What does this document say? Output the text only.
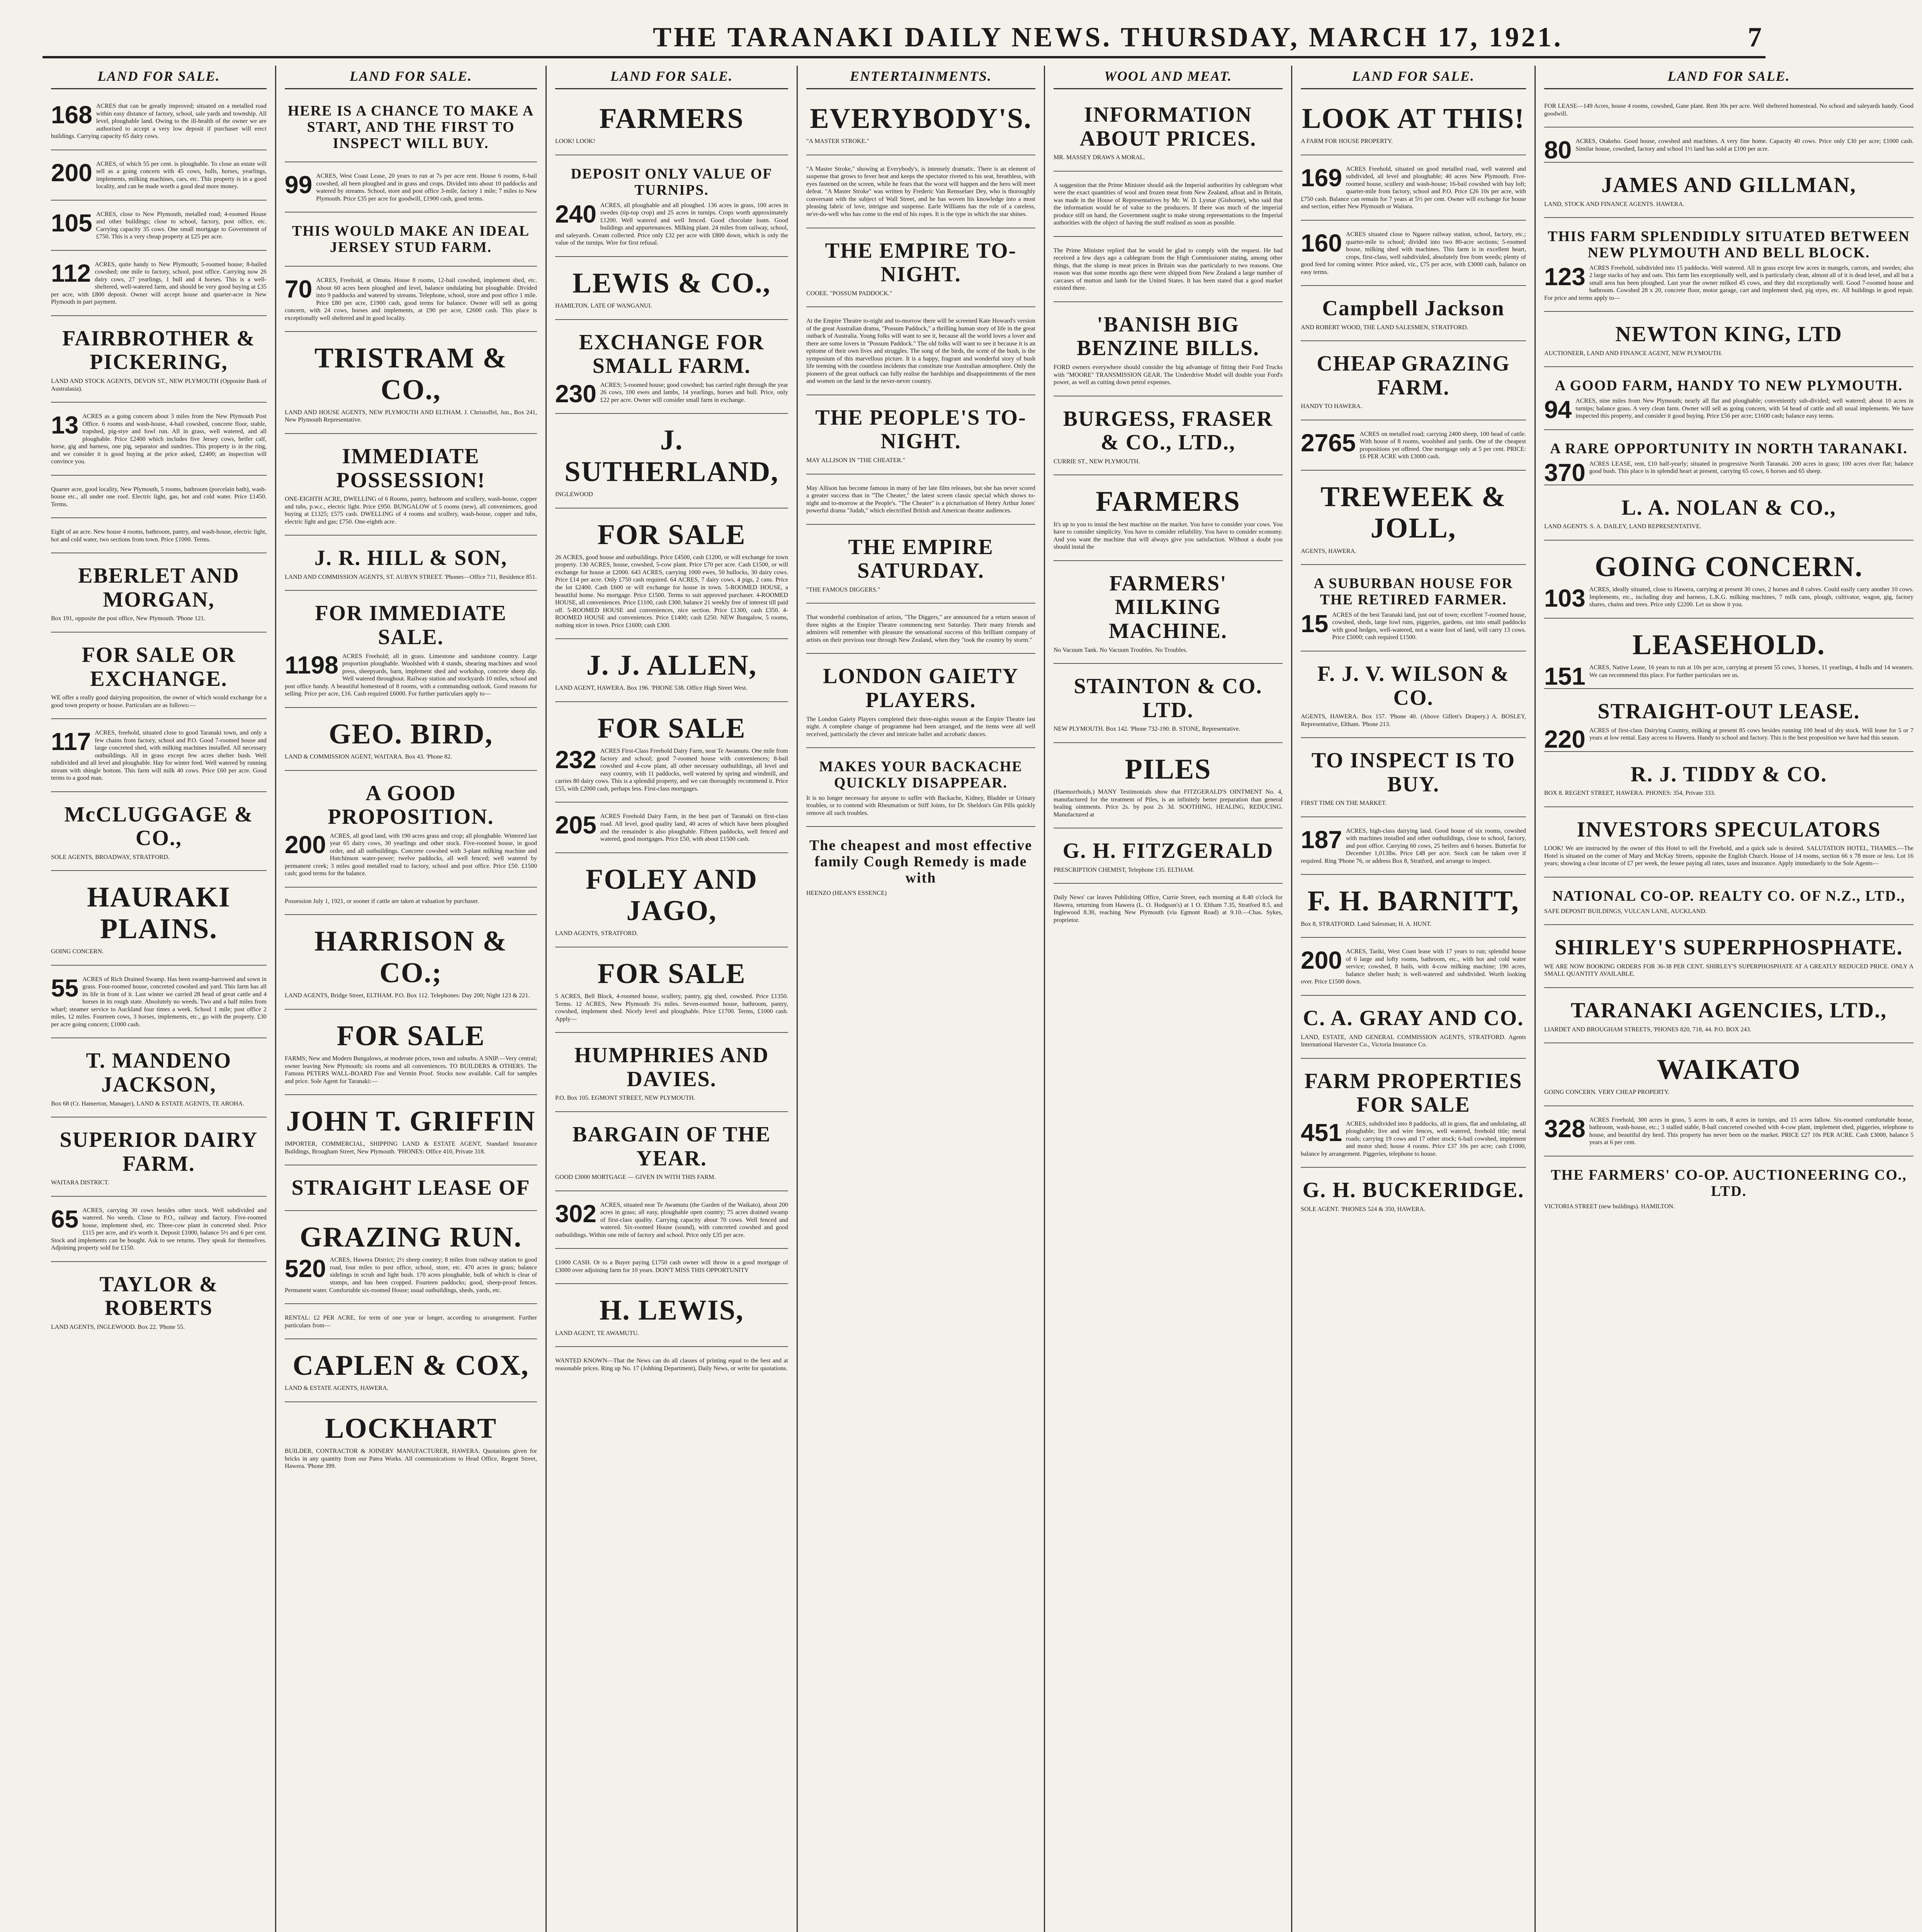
THE TARANAKI DAILY NEWS. THURSDAY, MARCH 17, 1921.	7
LAND FOR SALE.
168 ACRES that can be greatly improved; situated on a metalled road within easy distance of factory, school, sale yards and township. All level, ploughable land. Owing to the ill-health of the owner we are authorised to accept a very low deposit if purchaser will erect buildings. Carrying capacity 65 dairy cows.
200 ACRES, of which 55 per cent. is ploughable. To close an estate will sell as a going concern with 45 cows, bulls, horses, yearlings, implements, milking machines, cars, etc. This property is in a good locality, and can be made worth a good deal more money.
105 ACRES, close to New Plymouth, metalled road; 4-roomed House and other buildings; close to school, factory, post office, etc. Carrying capacity 35 cows. One small mortgage to Government of £750. This is a very cheap property at £25 per acre.
112 ACRES, quite handy to New Plymouth; 5-roomed house; 8-bailed cowshed; one mile to factory, school, post office. Carrying now 26 dairy cows, 27 yearlings, 1 bull and 4 horses. This is a well-sheltered, well-watered farm, and should be very good buying at £35 per acre, with £800 deposit. Owner will accept house and quarter-acre in New Plymouth in part payment.
FAIRBROTHER & PICKERING,
LAND AND STOCK AGENTS, DEVON ST., NEW PLYMOUTH (Opposite Bank of Australasia).
13 ACRES as a going concern about 3 miles from the New Plymouth Post Office. 6 rooms and wash-house, 4-bail cowshed, concrete floor, stable, trapshed, pig-stye and fowl run. All in grass, well watered, and all ploughable. Price £2400 which includes five Jersey cows, heifer calf, horse, gig and harness, one pig, separator and sundries. This property is in the ring, and we consider it is good buying at the price asked, £2400; an inspection will convince you.
Quarter acre, good locality, New Plymouth, 5 rooms, bathroom (porcelain bath), wash-house etc., all under one roof. Electric light, gas, hot and cold water. Price £1450. Terms.
Eight of an acre. New house 4 rooms, bathroom, pantry, and wash-house, electric light, hot and cold water, two sections from town. Price £1000. Terms.
EBERLET AND MORGAN,
Box 191, opposite the post office, New Plymouth. 'Phone 121.
FOR SALE OR EXCHANGE.
WE offer a really good dairying proposition, the owner of which would exchange for a good town property or house. Particulars are as follows:—
117 ACRES, freehold, situated close to good Taranaki town, and only a few chains from factory, school and P.O. Good 7-roomed house and large concreted shed, with milking machines installed. All necessary outbuildings. All in grass except few acres shelter bush. Well subdivided and all level and ploughable. Hay for winter feed. Well watered by running stream with shingle bottom. This farm will milk 40 cows. Price £60 per acre. Good terms to a good man.
McCLUGGAGE & CO.,
SOLE AGENTS, BROADWAY, STRATFORD.
HAURAKI PLAINS.
GOING CONCERN.
55 ACRES of Rich Drained Swamp. Has been swamp-harrowed and sown in grass. Four-roomed house, concreted cowshed and yard. This farm has all its life in front of it. Last winter we carried 28 head of great cattle and 4 horses in its rough state. Absolutely no weeds. Two and a half miles from wharf; steamer service to Auckland four times a week. School 1 mile; post office 2 miles, 12 miles. Fourteen cows, 3 horses, implements, etc., go with the property. £30 per acre going concern; £1000 cash.
T. MANDENO JACKSON,
Box 68 (Cr. Hamerton, Manager), LAND & ESTATE AGENTS, TE AROHA.
SUPERIOR DAIRY FARM.
WAITARA DISTRICT.
65 ACRES, carrying 30 cows besides other stock. Well subdivided and watered. No weeds. Close to P.O., railway and factory. Five-roomed house, implement shed, etc. Three-cow plant in concreted shed. Price £115 per acre, and it's worth it. Deposit £1000, balance 5½ and 6 per cent. Stock and implements can be bought. Ask to see returns. They speak for themselves. Adjoining property sold for £150.
TAYLOR & ROBERTS
LAND AGENTS, INGLEWOOD. Box 22. 'Phone 55.
LAND FOR SALE.
HERE IS A CHANCE TO MAKE A START, AND THE FIRST TO INSPECT WILL BUY.
99 ACRES, West Coast Lease, 20 years to run at 7s per acre rent. House 6 rooms, 6-bail cowshed, all been ploughed and in grass and crops. Divided into about 10 paddocks and watered by streams. School, store and post office 3-mile, factory 1 mile; 7 miles to New Plymouth. Price £35 per acre for goodwill, £1900 cash, good terms.
THIS WOULD MAKE AN IDEAL JERSEY STUD FARM.
70 ACRES, Freehold, at Omata. House 8 rooms, 12-bail cowshed, implement shed, etc. About 60 acres been ploughed and level, balance undulating but ploughable. Divided into 9 paddocks and watered by streams. Telephone, school, store and post office 1 mile. Price £80 per acre, £1900 cash, good terms for balance. Owner will sell as going concern, with 24 cows, horses and implements, at £90 per acre, £2600 cash. This place is exceptionally well sheltered and in good locality.
TRISTRAM & CO.,
LAND AND HOUSE AGENTS, NEW PLYMOUTH AND ELTHAM. J. Christoffel, Jun., Box 241, New Plymouth Representative.
IMMEDIATE POSSESSION!
ONE-EIGHTH ACRE, DWELLING of 6 Rooms, pantry, bathroom and scullery, wash-house, copper and tubs, p.w.c., electric light. Price £950. BUNGALOW of 5 rooms (new), all conveniences, good buying at £1325; £575 cash. DWELLING of 4 rooms and scullery, wash-house, copper and tubs, electric light and gas; £750. One-eighth acre.
J. R. HILL & SON,
LAND AND COMMISSION AGENTS, ST. AUBYN STREET. 'Phones—Office 711, Residence 851.
FOR IMMEDIATE SALE.
1198 ACRES Freehold; all in grass. Limestone and sandstone country. Large proportion ploughable. Woolshed with 4 stands, shearing machines and wool press, sheepyards, barn, implement shed and workshop, concrete sheep dip. Well watered throughout. Railway station and stockyards 10 miles, school and post office handy. A beautiful homestead of 8 rooms, with a commanding outlook. Good reasons for selling. Price per acre, £16. Cash required £6000. For further particulars apply to—
GEO. BIRD,
LAND & COMMISSION AGENT, WAITARA. Box 43. 'Phone 82.
A GOOD PROPOSITION.
200 ACRES, all good land, with 190 acres grass and crop; all ploughable. Wintered last year 65 dairy cows, 30 yearlings and other stock. Five-roomed house, in good order, and all outbuildings. Concrete cowshed with 3-plant milking machine and Hutchinson water-power; twelve paddocks, all well fenced; well watered by permanent creek; 3 miles good metalled road to factory, school and post office. Price £50. £1500 cash; good terms for the balance.
Possession July 1, 1921, or sooner if cattle are taken at valuation by purchaser.
HARRISON & CO.;
LAND AGENTS, Bridge Street, ELTHAM. P.O. Box 112. Telephones: Day 200; Night 123 & 221.
FOR SALE
FARMS; New and Modern Bungalows, at moderate prices, town and suburbs. A SNIP.—Very central; owner leaving New Plymouth; six rooms and all conveniences. TO BUILDERS & OTHERS. The Famous PETERS WALL-BOARD Fire and Vermin Proof. Stocks now available. Call for samples and price. Sole Agent for Taranaki:—
JOHN T. GRIFFIN
IMPORTER, COMMERCIAL, SHIPPING LAND & ESTATE AGENT, Standard Insurance Buildings, Brougham Street, New Plymouth. 'PHONES: Office 410, Private 318.
STRAIGHT LEASE OF
GRAZING RUN.
520 ACRES, Hawera District; 2½ sheep country; 8 miles from railway station to good road, four miles to post office, school, store, etc. 470 acres in grass; balance sidelings in scrub and light bush. 170 acres ploughable, bulk of which is clear of stumps, and has been cropped. Fourteen paddocks; good, sheep-proof fences. Permanent water. Comfortable six-roomed House; usual outbuildings, sheds, yards, etc.
RENTAL: £2 PER ACRE, for term of one year or longer, according to arrangement. Further particulars from—
CAPLEN & COX,
LAND & ESTATE AGENTS, HAWERA.
LOCKHART
BUILDER, CONTRACTOR & JOINERY MANUFACTURER, HAWERA. Quotations given for bricks in any quantity from our Patea Works. All communications to Head Office, Regent Street, Hawera. 'Phone 399.
LAND FOR SALE.
FARMERS
LOOK! LOOK!
DEPOSIT ONLY VALUE OF TURNIPS.
240 ACRES, all ploughable and all ploughed. 136 acres in grass, 100 acres in swedes (tip-top crop) and 25 acres in turnips. Crops worth approximately £1200. Well watered and well fenced. Good chocolate loam. Good buildings and appurtenances. Milking plant. 24 miles from railway, school, and saleyards. Cream collected. Price only £32 per acre with £800 down, which is only the value of the turnips. Wire for first refusal.
LEWIS & CO.,
HAMILTON. LATE OF WANGANUI.
EXCHANGE FOR SMALL FARM.
230 ACRES; 5-roomed house; good cowshed; has carried right through the year 26 cows, 100 ewes and lambs, 14 yearlings, horses and bull. Price, only £22 per acre. Owner will consider small farm in exchange.
J. SUTHERLAND,
INGLEWOOD
FOR SALE
26 ACRES, good house and outbuildings. Price £4500, cash £1200, or will exchange for town property. 130 ACRES, house, cowshed, 5-cow plant. Price £70 per acre. Cash £1500, or will exchange for house at £2000. 643 ACRES, carrying 1000 ewes, 50 bullocks, 30 dairy cows. Price £14 per acre. Only £750 cash required. 64 ACRES, 7 dairy cows, 4 pigs, 2 cans. Price the lot £2400. Cash £600 or will exchange for house in town. 5-ROOMED HOUSE, a beautiful home. No mortgage. Price £1500. Terms to suit approved purchaser. 4-ROOMED HOUSE, all conveniences. Price £1100, cash £300, balance 21 weekly free of interest till paid off. 5-ROOMED HOUSE and conveniences, nice section. Price £1300, cash £350. 4-ROOMED HOUSE and conveniences. Price £1400; cash £250. NEW Bungalow, 5 rooms, nothing nicer in town. Price £1600; cash £300.
J. J. ALLEN,
LAND AGENT, HAWERA. Box 196. 'PHONE 538. Office High Street West.
FOR SALE
232 ACRES First-Class Freehold Dairy Farm, near Te Awamutu. One mile from factory and school; good 7-roomed house with conveniences; 8-bail cowshed and 4-cow plant, all other necessary outbuildings, all level and easy country, with 11 paddocks, well watered by spring and windmill, and carries 80 dairy cows. This is a splendid property, and we can thoroughly recommend it. Price £55, with £2000 cash, perhaps less. First-class mortgages.
205 ACRES Freehold Dairy Farm, in the best part of Taranaki on first-class road. All level, good quality land, 40 acres of which have been ploughed and the remainder is also ploughable. Fifteen paddocks, well fenced and watered, good mortgages. Price £50, with about £1500 cash.
FOLEY AND JAGO,
LAND AGENTS, STRATFORD.
FOR SALE
5 ACRES, Bell Block, 4-roomed house, scullery, pantry, gig shed, cowshed. Price £1350. Terms. 12 ACRES, New Plymouth 3¼ miles. Seven-roomed house, bathroom, pantry, cowshed, implement shed. Nicely level and ploughable. Price £1700. Terms, £1000 cash. Apply—
HUMPHRIES AND DAVIES.
P.O. Box 105. EGMONT STREET, NEW PLYMOUTH.
BARGAIN OF THE YEAR.
GOOD £3000 MORTGAGE — GIVEN IN WITH THIS FARM.
302 ACRES, situated near Te Awamutu (the Garden of the Waikato), about 200 acres in grass; all easy, ploughable open country; 75 acres drained swamp of first-class quality. Carrying capacity about 70 cows. Well fenced and watered. Six-roomed House (sound), with concreted cowshed and good outbuildings. Within one mile of factory and school. Price only £35 per acre.
£1000 CASH. Or to a Buyer paying £1750 cash owner will throw in a good mortgage of £3000 over adjoining farm for 10 years. DON'T MISS THIS OPPORTUNITY
H. LEWIS,
LAND AGENT, TE AWAMUTU.
WANTED KNOWN—That the News can do all classes of printing equal to the best and at reasonable prices. Ring up No. 17 (Jobbing Department), Daily News, or write for quotations.
ENTERTAINMENTS.
EVERYBODY'S.
"A MASTER STROKE."
"A Master Stroke," showing at Everybody's, is intensely dramatic. There is an element of suspense that grows to fever heat and keeps the spectator riveted to his seat, breathless, with eyes fastened on the screen, while he fears that the worst will happen and the hero will meet defeat. "A Master Stroke" was written by Frederic Van Rensselaer Dey, who is thoroughly conversant with the subject of Wall Street, and he has woven his knowledge into a most pleasing fabric of love, intrigue and suspense. Earle Williams has the role of a careless, ne'er-do-well who has come to the end of his ropes. It is the type in which the star shines.
THE EMPIRE TO-NIGHT.
COOEE. "POSSUM PADDOCK."
At the Empire Theatre to-night and to-morrow there will be screened Kate Howard's version of the great Australian drama, "Possum Paddock," a thrilling human story of life in the great outback of Australia. Young folks will want to see it, because all the world loves a lover and there are some lovers in "Possum Paddock." The old folks will want to see it because it is an epitome of their own lives and struggles. The song of the birds, the scent of the bush, is the symposium of this marvellous picture. It is a happy, fragrant and wonderful story of bush life teeming with the countless incidents that constitute true Australian atmosphere. Only the pioneers of the great outback can fully realise the hardships and disappointments of the men and women on the land in the never-never country.
THE PEOPLE'S TO-NIGHT.
MAY ALLISON IN "THE CHEATER."
May Allison has become famous in many of her late film releases, but she has never scored a greater success than in "The Cheater," the latest screen classic special which shows to-night and to-morrow at the People's. "The Cheater" is a picturisation of Henry Arthur Jones' powerful drama "Judah," which electrified British and American theatre audiences.
THE EMPIRE SATURDAY.
"THE FAMOUS DIGGERS."
That wonderful combination of artists, "The Diggers," are announced for a return season of three nights at the Empire Theatre commencing next Saturday. Their many friends and admirers will remember with pleasure the sensational success of this brilliant company of artists on their previous tour through New Zealand, when they "took the country by storm."
LONDON GAIETY PLAYERS.
The London Gaiety Players completed their three-nights season at the Empire Theatre last night. A complete change of programme had been arranged, and the items were all well received, particularly the clever and intricate ballet and acrobatic dances.
MAKES YOUR BACKACHE QUICKLY DISAPPEAR.
It is no longer necessary for anyone to suffer with Backache, Kidney, Bladder or Urinary troubles, or to contend with Rheumatism or Stiff Joints, for Dr. Sheldon's Gin Pills quickly remove all such troubles.
The cheapest and most effective family Cough Remedy is made with
HEENZO (HEAN'S ESSENCE)
WOOL AND MEAT.
INFORMATION ABOUT PRICES.
MR. MASSEY DRAWS A MORAL.
A suggestion that the Prime Minister should ask the Imperial authorities by cablegram what were the exact quantities of wool and frozen meat from New Zealand, afloat and in Britain, was made in the House of Representatives by Mr. W. D. Lysnar (Gisborne), who said that the information would be of value to the producers. If there was much of the imperial produce still on hand, the Government ought to make strong representations to the Imperial authorities with the object of having the stuff realised as soon as possible.
The Prime Minister replied that he would be glad to comply with the request. He had received a few days ago a cablegram from the High Commissioner stating, among other things, that the slump in meat prices in Britain was due particularly to two reasons. One reason was that some months ago there were shipped from New Zealand a large number of carcases of mutton and lamb for the United States. It has been stated that a good market existed there.
'BANISH BIG BENZINE BILLS.
FORD owners everywhere should consider the big advantage of fitting their Ford Trucks with "MOORE" TRANSMISSION GEAR. The Underdrive Model will double your Ford's power, as well as cutting down petrol expenses.
BURGESS, FRASER & CO., LTD.,
CURRIE ST., NEW PLYMOUTH.
FARMERS
It's up to you to instal the best machine on the market. You have to consider your cows. You have to consider simplicity. You have to consider reliability. You have to consider economy. And you want the machine that will always give you satisfaction. Without a doubt you should instal the
FARMERS' MILKING MACHINE.
No Vacuum Tank. No Vacuum Troubles. No Troubles.
STAINTON & CO. LTD.
NEW PLYMOUTH. Box 142. 'Phone 732-190. B. STONE, Representative.
PILES
(Haemorrhoids.) MANY Testimonials show that FITZGERALD'S OINTMENT No. 4, manufactured for the treatment of Piles, is an infinitely better preparation than general healing ointments. Price 2s. by post 2s 3d. SOOTHING, HEALING, REDUCING. Manufactured at
G. H. FITZGERALD
PRESCRIPTION CHEMIST, Telephone 135. ELTHAM.
Daily News' car leaves Publishing Office, Currie Street, each morning at 8.40 o'clock for Hawera, returning from Hawera (L. O. Hodgson's) at 1 O. Eltham 7.35, Stratford 8.5, and Inglewood 8.30, reaching New Plymouth (via Egmont Road) at 9.10.—Chas. Sykes, proprietor.
LAND FOR SALE.
LOOK AT THIS!
A FARM FOR HOUSE PROPERTY.
169 ACRES Freehold, situated on good metalled road, well watered and subdivided, all level and ploughable; 40 acres New Plymouth. Five-roomed house, scullery and wash-house; 16-bail cowshed with bay loft; quarter-mile from factory, school and P.O. Price £26 10s per acre, with £750 cash. Balance can remain for 7 years at 5½ per cent. Owner will exchange for house and section, either New Plymouth or Waitara.
160 ACRES situated close to Ngaere railway station, school, factory, etc.; quarter-mile to school; divided into two 80-acre sections; 5-roomed house, milking shed with machines. This farm is in excellent heart, crops, first-class, well subdivided, absolutely free from weeds; plenty of good feed for coming winter. Price asked, viz., £75 per acre, with £3000 cash, balance on easy terms.
Campbell Jackson
AND ROBERT WOOD, THE LAND SALESMEN, STRATFORD.
CHEAP GRAZING FARM.
HANDY TO HAWERA.
2765 ACRES on metalled road; carrying 2400 sheep, 100 head of cattle. With house of 8 rooms, woolshed and yards. One of the cheapest propositions yet offered. One mortgage only at 5 per cent. PRICE: £6 PER ACRE with £3000 cash.
TREWEEK & JOLL,
AGENTS, HAWERA.
A SUBURBAN HOUSE FOR THE RETIRED FARMER.
15 ACRES of the best Taranaki land, just out of town; excellent 7-roomed house, cowshed, sheds, large fowl runs, piggeries, gardens, out into small paddocks with good hedges, well-watered, not a waste foot of land, will carry 13 cows. Price £5000; cash required £1500.
F. J. V. WILSON & CO.
AGENTS, HAWERA. Box 157. 'Phone 40. (Above Gillett's Drapery.) A. BOSLEY, Representative, Eltham. 'Phone 213.
TO INSPECT IS TO BUY.
FIRST TIME ON THE MARKET.
187 ACRES, high-class dairying land. Good house of six rooms, cowshed with machines installed and other outbuildings, close to school, factory, and post office. Carrying 60 cows, 25 heifers and 6 horses. Butterfat for December 1,013lbs. Price £48 per acre. Stock can be taken over if required. Ring 'Phone 76, or address Box 8, Stratford, and arrange to inspect.
F. H. BARNITT,
Box 8, STRATFORD. Land Salesman; H. A. HUNT.
200 ACRES, Tariki, West Coast lease with 17 years to run; splendid house of 6 large and lofty rooms, bathroom, etc., with hot and cold water service; cowshed, 8 bails, with 4-cow milking machine; 190 acres, balance shelter bush; is well-watered and subdivided. Worth looking over. Price £1500 down.
C. A. GRAY AND CO.
LAND, ESTATE, AND GENERAL COMMISSION AGENTS, STRATFORD. Agents International Harvester Co., Victoria Insurance Co.
FARM PROPERTIES FOR SALE
451 ACRES, subdivided into 8 paddocks, all in grass, flat and undulating, all ploughable; live and wire fences, well watered, freehold title; metal roads; carrying 19 cows and 17 other stock; 6-bail cowshed, implement and motor shed; house 4 rooms. Price £37 10s per acre; cash £1000, balance by arrangement. Piggeries, telephone to house.
G. H. BUCKERIDGE.
SOLE AGENT. 'PHONES 524 & 350, HAWERA.
LAND FOR SALE.
FOR LEASE—149 Acres, house 4 rooms, cowshed, Gane plant. Rent 30s per acre. Well sheltered homestead. No school and saleyards handy. Good goodwill.
80 ACRES, Otakeho. Good house, cowshed and machines. A very fine home. Capacity 40 cows. Price only £30 per acre; £1000 cash. Similar house, cowshed, factory and school 1½ land has sold at £100 per acre.
JAMES AND GILLMAN,
LAND, STOCK AND FINANCE AGENTS. HAWERA.
THIS FARM SPLENDIDLY SITUATED BETWEEN NEW PLYMOUTH AND BELL BLOCK.
123 ACRES Freehold, subdivided into 15 paddocks. Well watered. All in grass except few acres in mangels, carrots, and swedes; also 2 large stacks of hay and oats. This farm lies exceptionally well, and is particularly clean, almost all of it is dead level, and all but a small area has been ploughed. Last year the owner milked 45 cows, and they did exceptionally well. Good 7-roomed house and bathroom. Cowshed 28 x 20, concrete floor, motor garage, cart and implement shed, pig styes, etc. All buildings in good repair. For price and terms apply to—
NEWTON KING, LTD
AUCTIONEER, LAND AND FINANCE AGENT, NEW PLYMOUTH.
A GOOD FARM, HANDY TO NEW PLYMOUTH.
94 ACRES, nine miles from New Plymouth; nearly all flat and ploughable; conveniently sub-divided; well watered; about 10 acres in turnips; balance grass. A very clean farm. Owner will sell as going concern, with 54 head of cattle and all usual implements. We have inspected this property, and consider it good buying. Price £56 per acre; £1600 cash; balance easy terms.
A RARE OPPORTUNITY IN NORTH TARANAKI.
370 ACRES LEASE, rent, £10 half-yearly; situated in progressive North Taranaki. 200 acres in grass; 100 acres river flat; balance good bush. This place is in splendid heart at present, carrying 65 cows, 6 horses and 65 sheep.
L. A. NOLAN & CO.,
LAND AGENTS. S. A. DAILEY, LAND REPRESENTATIVE.
GOING CONCERN.
103 ACRES, ideally situated, close to Hawera, carrying at present 30 cows, 2 horses and 8 calves. Could easily carry another 10 cows. Implements, etc., including dray and harness, L.K.G. milking machines, 7 milk cans, plough, cultivator, wagon, gig, factory shares, chains and trees. Price only £2200. Let us show it you.
LEASEHOLD.
151 ACRES, Native Lease, 16 years to run at 10s per acre, carrying at present 55 cows, 3 horses, 11 yearlings, 4 bulls and 14 weaners. We can recommend this place. For further particulars see us.
STRAIGHT-OUT LEASE.
220 ACRES of first-class Dairying Country, milking at present 85 cows besides running 100 head of dry stock. Will lease for 5 or 7 years at low rental. Easy access to Hawera. Handy to school and factory. This is the best proposition we have had this season.
R. J. TIDDY & CO.
BOX 8. REGENT STREET, HAWERA. PHONES: 354, Private 333.
INVESTORS SPECULATORS
LOOK! We are instructed by the owner of this Hotel to sell the Freehold, and a quick sale is desired. SALUTATION HOTEL, THAMES.—The Hotel is situated on the corner of Mary and McKay Streets, opposite the English Church. House of 14 rooms, section 66 x 78 more or less. Lot 16 years; showing a clear income of £7 per week, the lessee paying all rates, taxes and insurance. Apply immediately to the Sole Agents—
NATIONAL CO-OP. REALTY CO. OF N.Z., LTD.,
SAFE DEPOSIT BUILDINGS, VULCAN LANE, AUCKLAND.
SHIRLEY'S SUPERPHOSPHATE.
WE ARE NOW BOOKING ORDERS FOR 36-38 PER CENT. SHIRLEY'S SUPERPHOSPHATE AT A GREATLY REDUCED PRICE. ONLY A SMALL QUANTITY AVAILABLE.
TARANAKI AGENCIES, LTD.,
LIARDET AND BROUGHAM STREETS, 'PHONES 820, 718, 44. P.O. BOX 243.
WAIKATO
GOING CONCERN. VERY CHEAP PROPERTY.
328 ACRES Freehold, 300 acres in grass, 5 acres in oats, 8 acres in turnips, and 15 acres fallow. Six-roomed comfortable house, bathroom, wash-house, etc.; 3 stalled stable, 8-bail concreted cowshed with 4-cow plant, implement shed, piggeries, telephone to house, and beautiful dry herd. This property has never been on the market. PRICE £27 10s PER ACRE. Cash £3000, balance 5 years at 6 per cent.
THE FARMERS' CO-OP. AUCTIONEERING CO., LTD.
VICTORIA STREET (new buildings). HAMILTON.
